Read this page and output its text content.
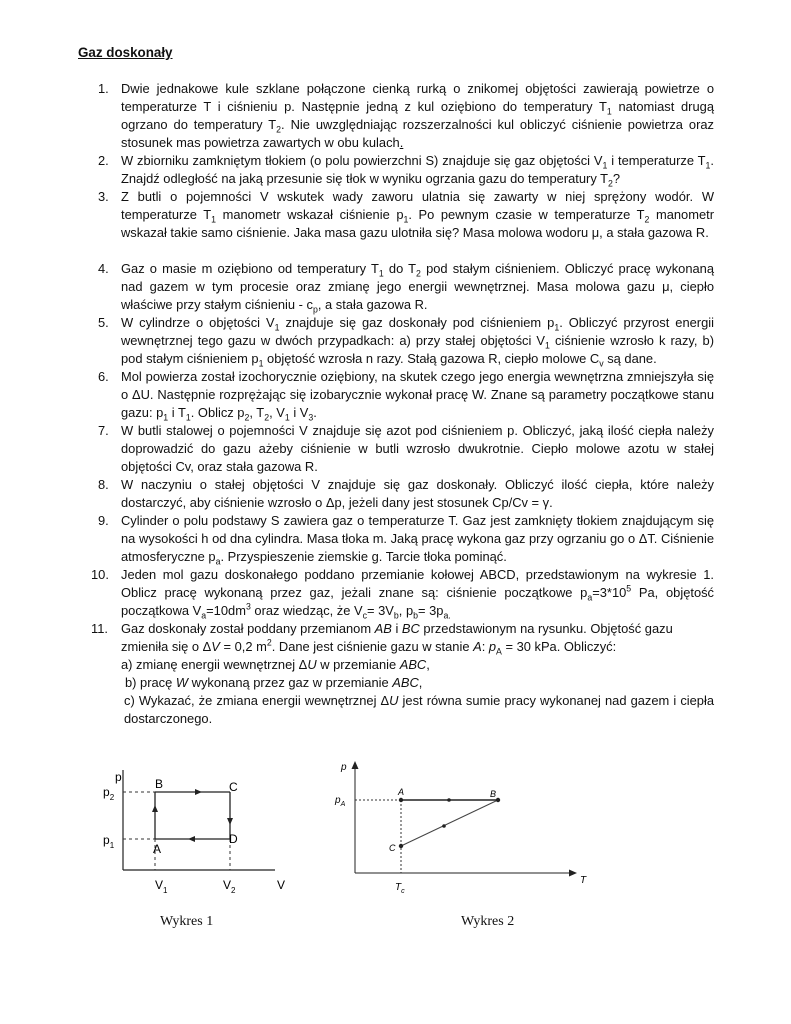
Gaz doskonały
1. Dwie jednakowe kule szklane połączone cienką rurką o znikomej objętości zawierają powietrze o temperaturze T i ciśnieniu p. Następnie jedną z kul oziębiono do temperatury $T_1$ natomiast drugą ogrzano do temperatury $T_2$. Nie uwzględniając rozszerzalności kul obliczyć ciśnienie powietrza oraz stosunek mas powietrza zawartych w obu kulach.
2. W zbiorniku zamkniętym tłokiem (o polu powierzchni S) znajduje się gaz objętości $V_1$ i temperaturze $T_1$. Znajdź odległość na jaką przesunie się tłok w wyniku ogrzania gazu do temperatury $T_2$?
3. Z butli o pojemności V wskutek wady zaworu ulatnia się zawarty w niej sprężony wodór. W temperaturze $T_1$ manometr wskazał ciśnienie $p_1$. Po pewnym czasie w temperaturze $T_2$ manometr wskazał takie samo ciśnienie. Jaka masa gazu ulotniła się? Masa molowa wodoru μ, a stała gazowa R.
4. Gaz o masie m oziębiono od temperatury $T_1$ do $T_2$ pod stałym ciśnieniem. Obliczyć pracę wykonaną nad gazem w tym procesie oraz zmianę jego energii wewnętrznej. Masa molowa gazu μ, ciepło właściwe przy stałym ciśnieniu - $c_p$, a stała gazowa R.
5. W cylindrze o objętości $V_1$ znajduje się gaz doskonały pod ciśnieniem $p_1$. Obliczyć przyrost energii wewnętrznej tego gazu w dwóch przypadkach: a) przy stałej objętości $V_1$ ciśnienie wzrosło k razy, b) pod stałym ciśnieniem $p_1$ objętość wzrosła n razy. Stałą gazowa R, ciepło molowe $C_v$ są dane.
6. Mol powierza został izochorycznie oziębiony, na skutek czego jego energia wewnętrzna zmniejszyła się o ΔU. Następnie rozprężając się izobarycznie wykonał pracę W. Znane są parametry początkowe stanu gazu: $p_1$ i $T_1$. Oblicz $p_2$, $T_2$, $V_1$ i $V_3$.
7. W butli stalowej o pojemności V znajduje się azot pod ciśnieniem p. Obliczyć, jaką ilość ciepła należy doprowadzić do gazu ażeby ciśnienie w butli wzrosło dwukrotnie. Ciepło molowe azotu w stałej objętości Cv, oraz stała gazowa R.
8. W naczyniu o stałej objętości V znajduje się gaz doskonały. Obliczyć ilość ciepła, które należy dostarczyć, aby ciśnienie wzrosło o Δp, jeżeli dany jest stosunek Cp/Cv = γ.
9. Cylinder o polu podstawy S zawiera gaz o temperaturze T. Gaz jest zamknięty tłokiem znajdującym się na wysokości h od dna cylindra. Masa tłoka m. Jaką pracę wykona gaz przy ogrzaniu go o ΔT. Ciśnienie atmosferyczne $p_a$. Przyspieszenie ziemskie g. Tarcie tłoka pominąć.
10. Jeden mol gazu doskonałego poddano przemianie kołowej ABCD, przedstawionym na wykresie 1. Oblicz pracę wykonaną przez gaz, jeżali znane są: ciśnienie początkowe $p_a=3*10^5$ Pa, objętość początkowa $V_a=10dm^3$ oraz wiedząc, że $V_c= 3V_b$, $p_b= 3p_{a.}$
11. Gaz doskonały został poddany przemianom AB i BC przedstawionym na rysunku. Objętość gazu zmieniła się o ΔV = 0,2 $m^2$. Dane jest ciśnienie gazu w stanie A: $p_A = 30$ kPa. Obliczyć:
a) zmianę energii wewnętrznej ΔU w przemianie ABC,
b) pracę W wykonaną przez gaz w przemianie ABC,
c) Wykazać, że zmiana energii wewnętrznej ΔU jest równa sumie pracy wykonanej nad gazem i ciepła dostarczonego.
p
V
$p_2$
$p_1$
$V_1$	$V_2$
A
B	C
D
p
T
$p_A$
$T_c$
A	B
C
Wykres 1	Wykres 2
